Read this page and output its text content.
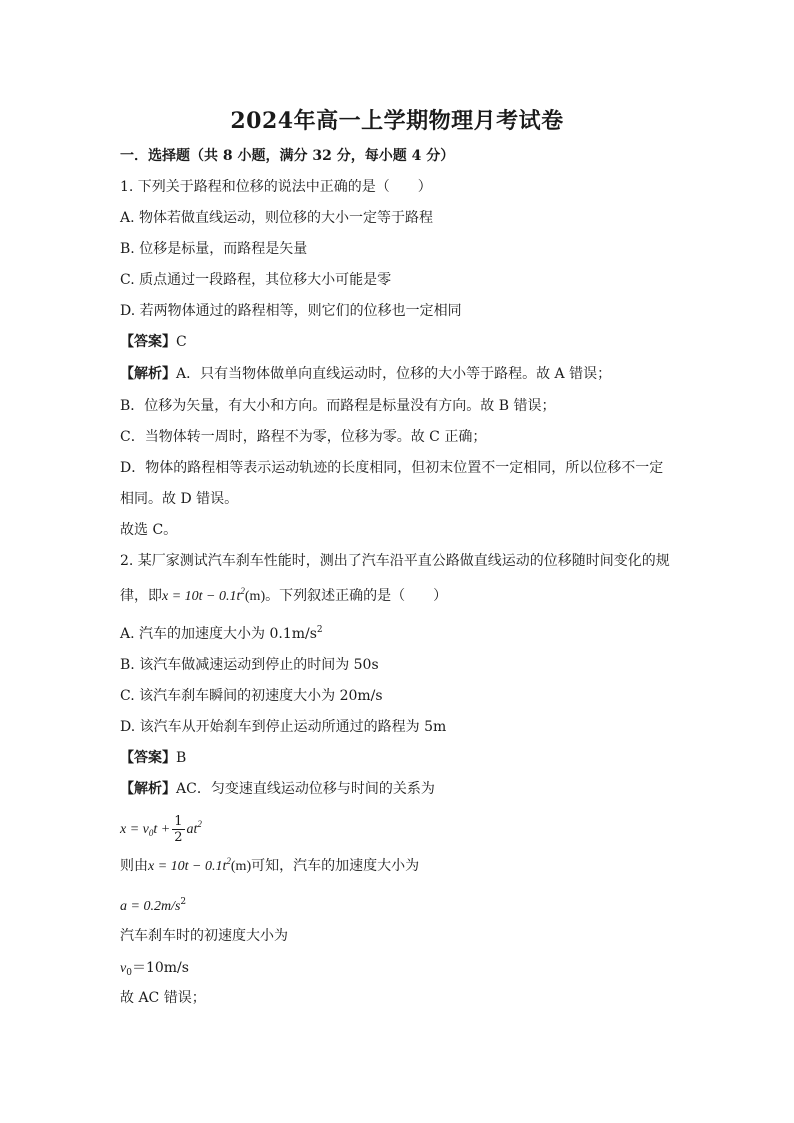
2024年高一上学期物理月考试卷
一．选择题（共 8 小题，满分 32 分，每小题 4 分）
1. 下列关于路程和位移的说法中正确的是（　　）
A. 物体若做直线运动，则位移的大小一定等于路程
B. 位移是标量，而路程是矢量
C. 质点通过一段路程，其位移大小可能是零
D. 若两物体通过的路程相等，则它们的位移也一定相同
【答案】C
【解析】A．只有当物体做单向直线运动时，位移的大小等于路程。故 A 错误；
B．位移为矢量，有大小和方向。而路程是标量没有方向。故 B 错误；
C．当物体转一周时，路程不为零，位移为零。故 C 正确；
D．物体的路程相等表示运动轨迹的长度相同，但初末位置不一定相同，所以位移不一定
相同。故 D 错误。
故选 C。
2. 某厂家测试汽车刹车性能时，测出了汽车沿平直公路做直线运动的位移随时间变化的规
律，即$x = 10t - 0.1t^2(m)$。下列叙述正确的是（　　）
A. 汽车的加速度大小为 $0.1m/s^2$
B. 该汽车做减速运动到停止的时间为 50s
C. 该汽车刹车瞬间的初速度大小为 20m/s
D. 该汽车从开始刹车到停止运动所通过的路程为 5m
【答案】B
【解析】AC．匀变速直线运动位移与时间的关系为
$x = v_0t + \frac{1}{2} at^2$
则由$x = 10t - 0.1t^2(m)$可知，汽车的加速度大小为
$a = 0.2m/s^2$
汽车刹车时的初速度大小为
$v_0=10m/s$
故 AC 错误；
